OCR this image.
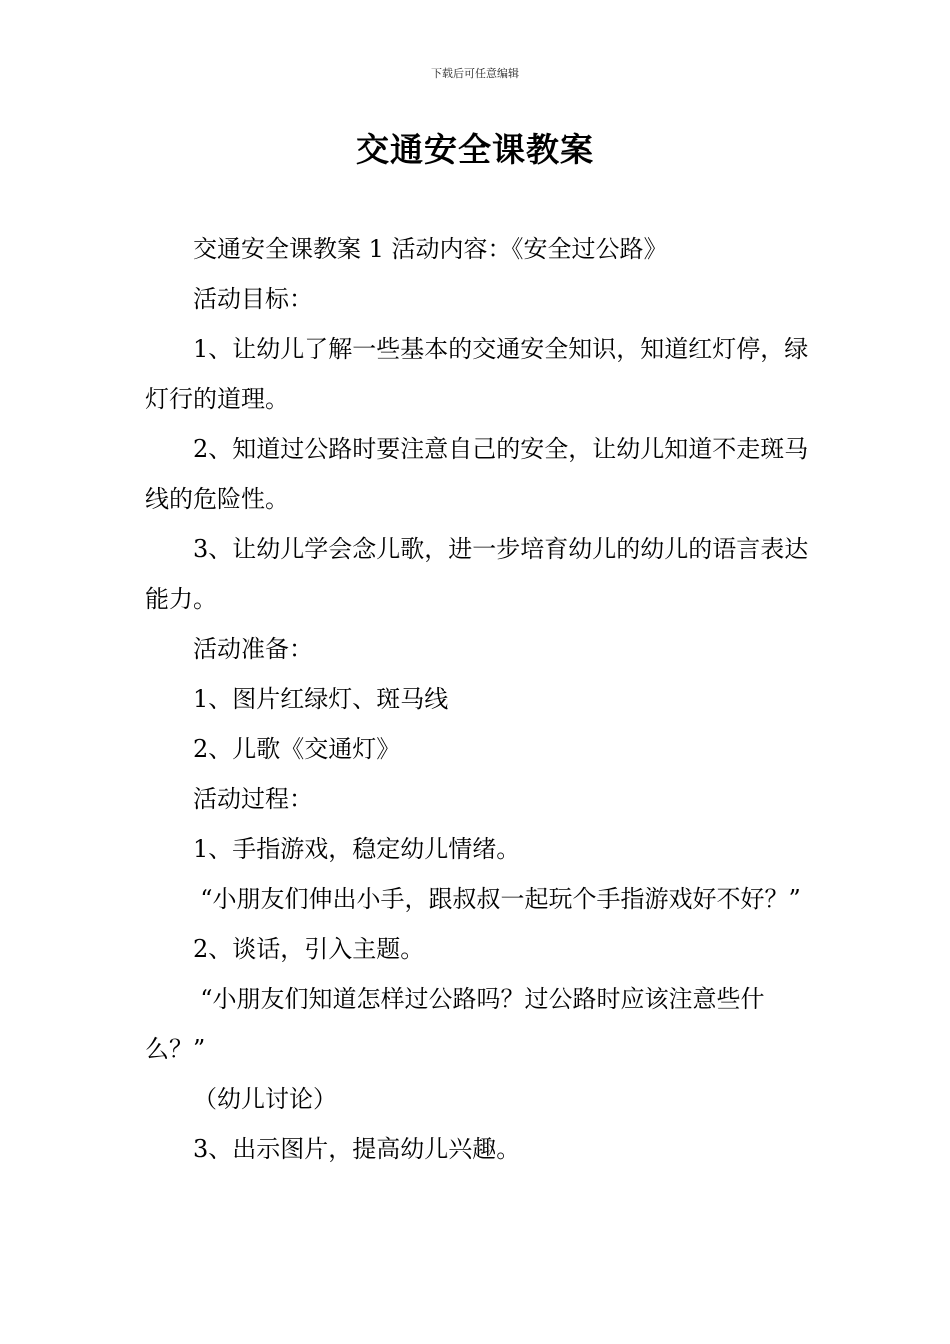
下载后可任意编辑
交通安全课教案

交通安全课教案 1 活动内容：《安全过公路》

活动目标：

1、让幼儿了解一些基本的交通安全知识，知道红灯停，绿灯行的道理。

2、知道过公路时要注意自己的安全，让幼儿知道不走斑马线的危险性。

3、让幼儿学会念儿歌，进一步培育幼儿的幼儿的语言表达能力。

活动准备：

1、图片红绿灯、斑马线

2、儿歌《交通灯》

活动过程：

1、手指游戏，稳定幼儿情绪。

“小朋友们伸出小手，跟叔叔一起玩个手指游戏好不好？”

2、谈话，引入主题。

“小朋友们知道怎样过公路吗？过公路时应该注意些什么？”

（幼儿讨论）

3、出示图片，提高幼儿兴趣。
